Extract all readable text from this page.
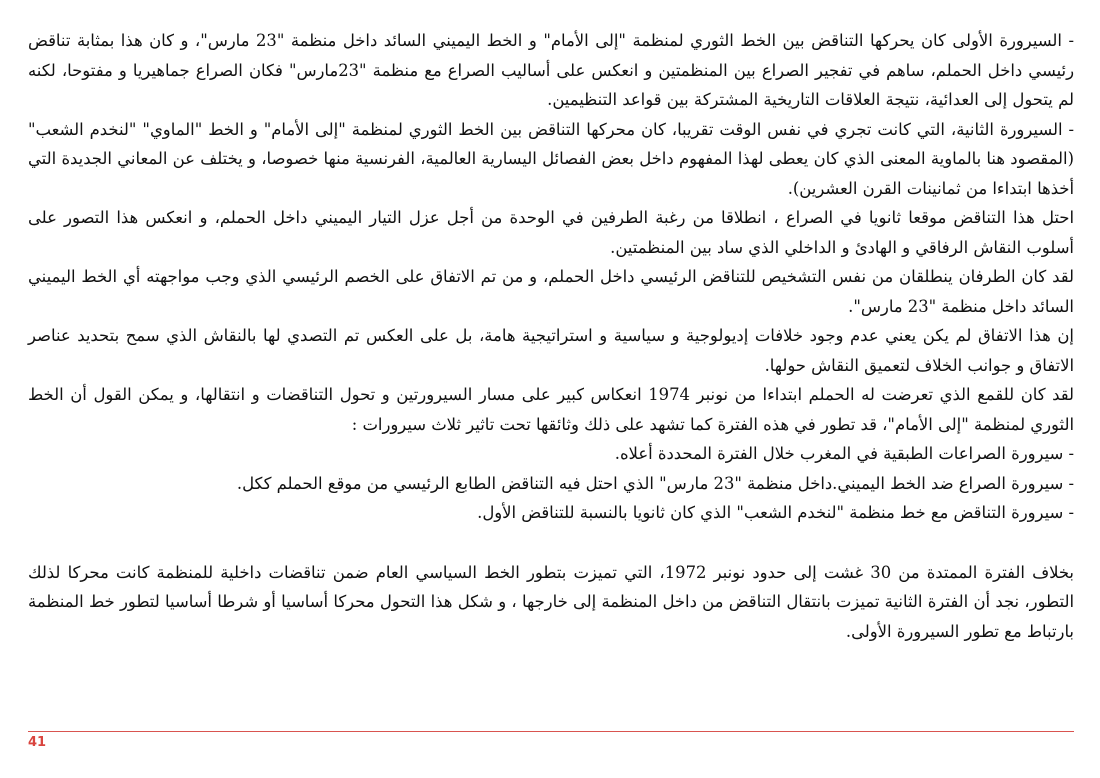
- السيرورة الأولى كان يحركها التناقض بين الخط الثوري لمنظمة "إلى الأمام" و الخط اليميني السائد داخل منظمة "23 مارس"، و كان هذا بمثابة تناقض رئيسي داخل الحملم، ساهم في تفجير الصراع بين المنظمتين و انعكس على أساليب الصراع مع منظمة "23مارس" فكان الصراع جماهيريا و مفتوحا، لكنه لم يتحول إلى العدائية، نتيجة العلاقات التاريخية المشتركة بين قواعد التنظيمين.

- السيرورة الثانية، التي كانت تجري في نفس الوقت تقريبا، كان محركها التناقض بين الخط الثوري لمنظمة "إلى الأمام" و الخط "الماوي" "لنخدم الشعب" (المقصود هنا بالماوية المعنى الذي كان يعطى لهذا المفهوم داخل بعض الفصائل اليسارية العالمية، الفرنسية منها خصوصا، و يختلف عن المعاني الجديدة التي أخذها ابتداءا من ثمانينات القرن العشرين).

احتل هذا التناقض موقعا ثانويا في الصراع ، انطلاقا من رغبة الطرفين في الوحدة من أجل عزل التيار اليميني داخل الحملم، و انعكس هذا التصور على أسلوب النقاش الرفاقي و الهادئ و الداخلي الذي ساد بين المنظمتين.

لقد كان الطرفان ينطلقان من نفس التشخيص للتناقض الرئيسي داخل الحملم، و من تم الاتفاق على الخصم الرئيسي الذي وجب مواجهته أي الخط اليميني السائد داخل منظمة "23 مارس".

إن هذا الاتفاق لم يكن يعني عدم وجود خلافات إديولوجية و سياسية و استراتيجية هامة، بل على العكس تم التصدي لها بالنقاش الذي سمح بتحديد عناصر الاتفاق و جوانب الخلاف لتعميق النقاش حولها.

لقد كان للقمع الذي تعرضت له الحملم ابتداءا من نونبر 1974 انعكاس كبير على مسار السيرورتين و تحول التناقضات و انتقالها، و يمكن القول أن الخط الثوري لمنظمة "إلى الأمام"، قد تطور في هذه الفترة كما تشهد على ذلك وثائقها تحت تاثير ثلاث سيرورات :

- سيرورة الصراعات الطبقية في المغرب خلال الفترة المحددة أعلاه.

- سيرورة الصراع ضد الخط اليميني.داخل منظمة "23 مارس" الذي احتل فيه التناقض الطابع الرئيسي من موقع الحملم ككل.

- سيرورة التناقض مع خط منظمة "لنخدم الشعب" الذي كان ثانويا بالنسبة للتناقض الأول.

بخلاف الفترة الممتدة من 30 غشت إلى حدود نونبر 1972، التي تميزت بتطور الخط السياسي العام ضمن تناقضات داخلية للمنظمة كانت محركا لذلك التطور، نجد أن الفترة الثانية تميزت بانتقال التناقض من داخل المنظمة إلى خارجها ، و شكل هذا التحول محركا أساسيا أو شرطا أساسيا لتطور خط المنظمة بارتباط مع تطور السيرورة الأولى.

41
